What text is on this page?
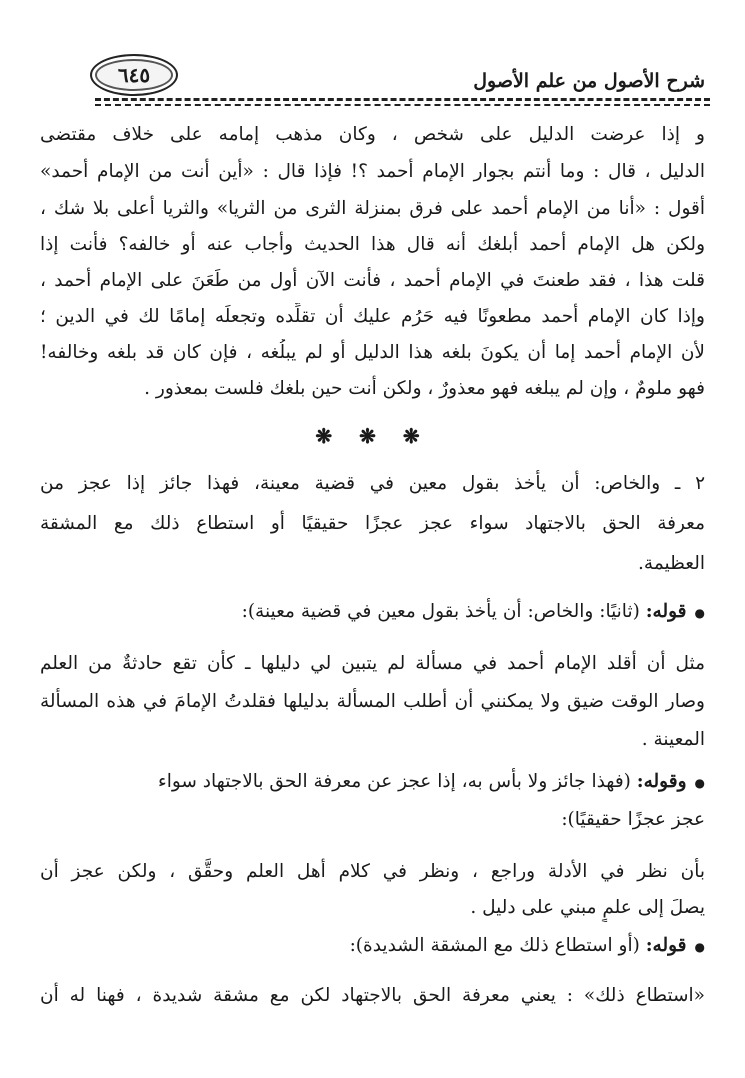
شرح الأصول من علم الأصول
٦٤٥
و إذا عرضت الدليل على شخص ، وكان مذهب إمامه على خلاف مقتضى
الدليل ، قال : وما أنتم بجوار الإمام أحمد ؟! فإذا قال : «أين أنت من الإمام أحمد»
أقول : «أنا من الإمام أحمد على فرق بمنزلة الثرى من الثريا» والثريا أعلى بلا شك ،
ولكن هل الإمام أحمد أبلغك أنه قال هذا الحديث وأجاب عنه أو خالفه؟ فأنت إذا
قلت هذا ، فقد طعنتَ في الإمام أحمد ، فأنت الآن أول من طَعَنَ على الإمام أحمد ،
وإذا كان الإمام أحمد مطعونًا فيه حَرُم عليك أن تقلِّده وتجعلَه إمامًا لك في الدين ؛
لأن الإمام أحمد إما أن يكونَ بلغه هذا الدليل أو لم يبلُغه ، فإن كان قد بلغه وخالفه!
فهو ملومٌ ، وإن لم يبلغه فهو معذورٌ ، ولكن أنت حين بلغك فلست بمعذور .
❋ ❋ ❋
٢ ـ والخاص: أن يأخذ بقول معين في قضية معينة، فهذا جائز إذا عجز من
معرفة الحق بالاجتهاد سواء عجز عجزًا حقيقيًا أو استطاع ذلك مع المشقة
العظيمة.
●قوله: (ثانيًا: والخاص: أن يأخذ بقول معين في قضية معينة):
مثل أن أقلد الإمام أحمد في مسألة لم يتبين لي دليلها ـ كأن تقع حادثةٌ من العلم
وصار الوقت ضيق ولا يمكنني أن أطلب المسألة بدليلها فقلدتُ الإمامَ في هذه المسألة
المعينة .
●وقوله: (فهذا جائز ولا بأس به، إذا عجز عن معرفة الحق بالاجتهاد سواء
عجز عجزًا حقيقيًا):
بأن نظر في الأدلة وراجع ، ونظر في كلام أهل العلم وحقَّق ، ولكن عجز أن
يصلَ إلى علمٍ مبني على دليل .
●قوله: (أو استطاع ذلك مع المشقة الشديدة):
«استطاع ذلك» : يعني معرفة الحق بالاجتهاد لكن مع مشقة شديدة ، فهنا له أن
